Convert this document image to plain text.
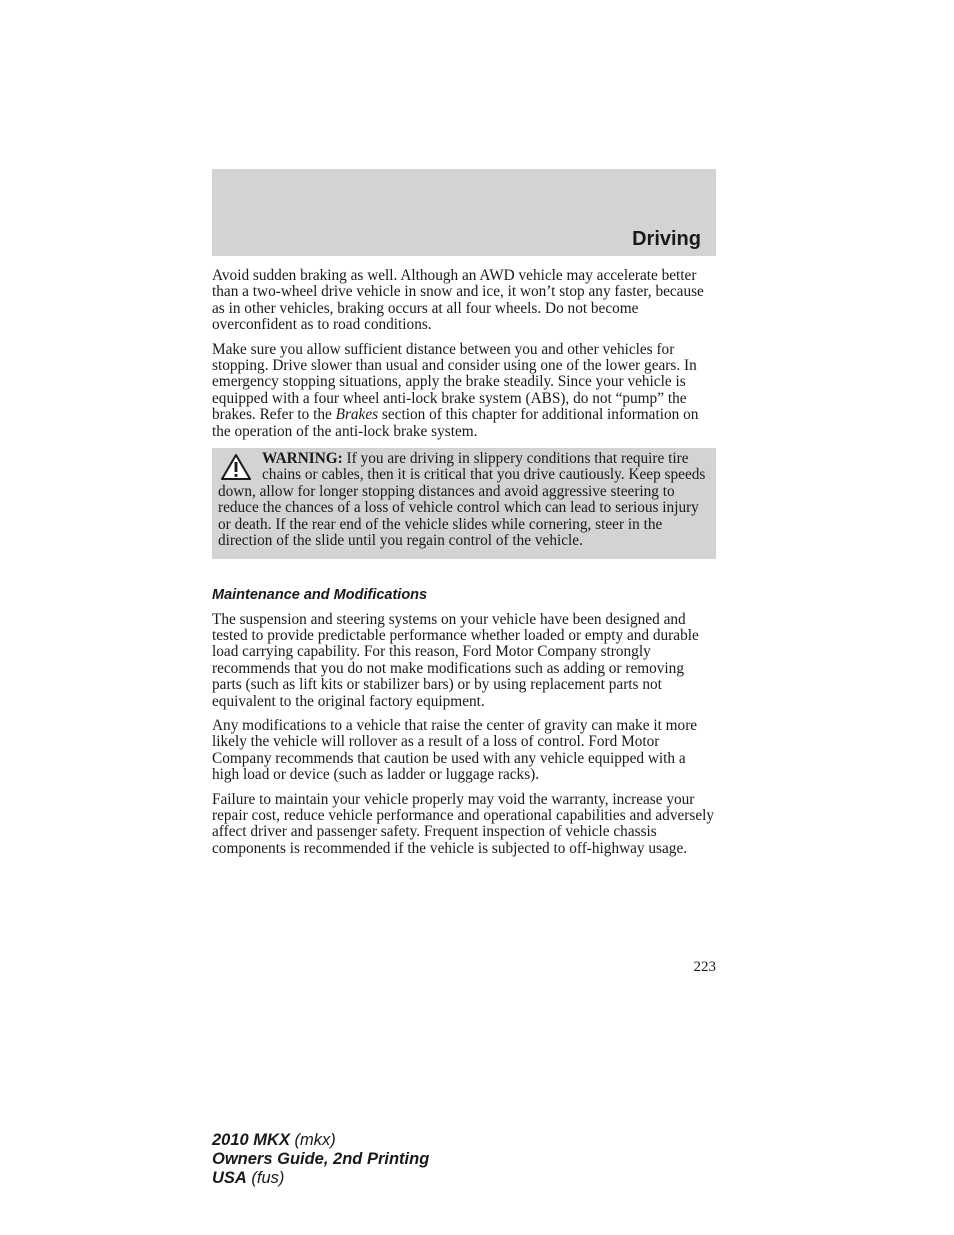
Driving

Avoid sudden braking as well. Although an AWD vehicle may accelerate better than a two-wheel drive vehicle in snow and ice, it won’t stop any faster, because as in other vehicles, braking occurs at all four wheels. Do not become overconfident as to road conditions.

Make sure you allow sufficient distance between you and other vehicles for stopping. Drive slower than usual and consider using one of the lower gears. In emergency stopping situations, apply the brake steadily. Since your vehicle is equipped with a four wheel anti-lock brake system (ABS), do not “pump” the brakes. Refer to the Brakes section of this chapter for additional information on the operation of the anti-lock brake system.

WARNING: If you are driving in slippery conditions that require tire chains or cables, then it is critical that you drive cautiously. Keep speeds down, allow for longer stopping distances and avoid aggressive steering to reduce the chances of a loss of vehicle control which can lead to serious injury or death. If the rear end of the vehicle slides while cornering, steer in the direction of the slide until you regain control of the vehicle.
Maintenance and Modifications

The suspension and steering systems on your vehicle have been designed and tested to provide predictable performance whether loaded or empty and durable load carrying capability. For this reason, Ford Motor Company strongly recommends that you do not make modifications such as adding or removing parts (such as lift kits or stabilizer bars) or by using replacement parts not equivalent to the original factory equipment.

Any modifications to a vehicle that raise the center of gravity can make it more likely the vehicle will rollover as a result of a loss of control. Ford Motor Company recommends that caution be used with any vehicle equipped with a high load or device (such as ladder or luggage racks).

Failure to maintain your vehicle properly may void the warranty, increase your repair cost, reduce vehicle performance and operational capabilities and adversely affect driver and passenger safety. Frequent inspection of vehicle chassis components is recommended if the vehicle is subjected to off-highway usage.

223
2010 MKX (mkx)
Owners Guide, 2nd Printing
USA (fus)
